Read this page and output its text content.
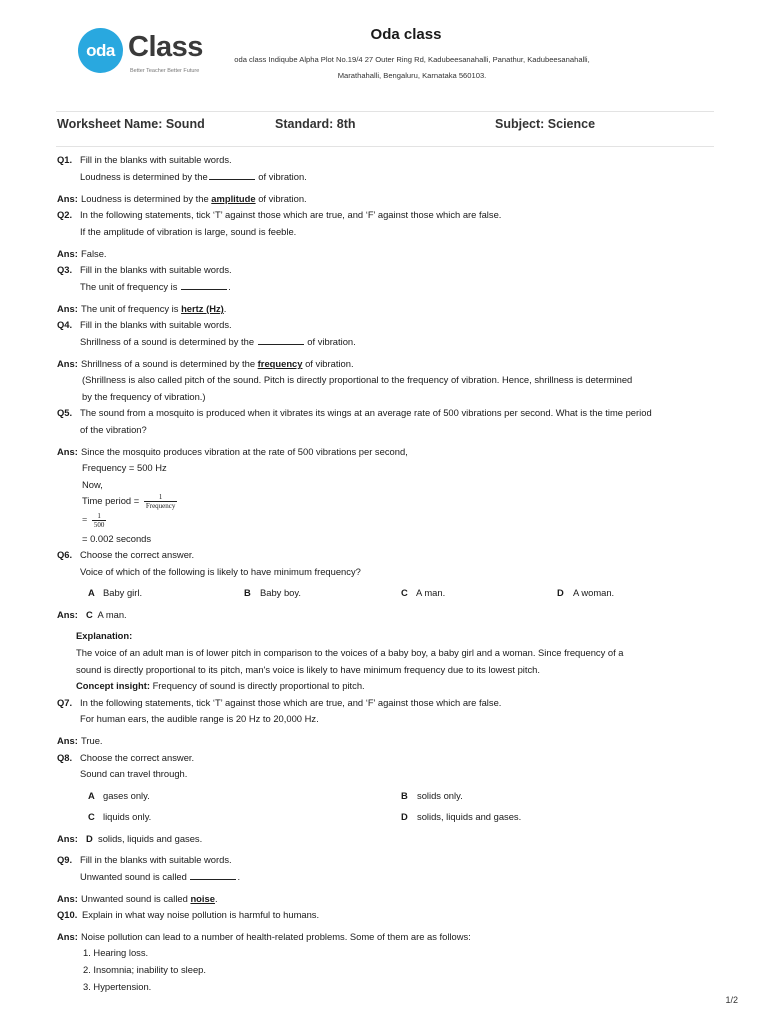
oda Class
Better Teacher Better Future
Oda class
oda class Indiqube Alpha Plot No.19/4 27 Outer Ring Rd, Kadubeesanahalli, Panathur, Kadubeesanahalli,
Marathahalli, Bengaluru, Karnataka 560103.
Worksheet Name: Sound	Standard: 8th	Subject: Science
Q1. Fill in the blanks with suitable words.
Loudness is determined by the	of vibration.
Ans: Loudness is determined by the amplitude of vibration.
Q2. In the following statements, tick ‘T’ against those which are true, and ‘F’ against those which are false.
If the amplitude of vibration is large, sound is feeble.
Ans: False.
Q3. Fill in the blanks with suitable words.
The unit of frequency is	.
Ans: The unit of frequency is hertz (Hz).
Q4. Fill in the blanks with suitable words.
Shrillness of a sound is determined by the	of vibration.
Ans: Shrillness of a sound is determined by the frequency of vibration.
(Shrillness is also called pitch of the sound. Pitch is directly proportional to the frequency of vibration. Hence, shrillness is determined
by the frequency of vibration.)
Q5. The sound from a mosquito is produced when it vibrates its wings at an average rate of 500 vibrations per second. What is the time period
of the vibration?
Ans: Since the mosquito produces vibration at the rate of 500 vibrations per second,
Frequency = 500 Hz
Now,
Time period = $\frac{1}{\text{Frequency}}$
= $\frac{1}{500}$
= 0.002 seconds
Q6. Choose the correct answer.
Voice of which of the following is likely to have minimum frequency?
A Baby girl.	B Baby boy.	C A man.	D A woman.
Ans: C A man.
Explanation:
The voice of an adult man is of lower pitch in comparison to the voices of a baby boy, a baby girl and a woman. Since frequency of a
sound is directly proportional to its pitch, man's voice is likely to have minimum frequency due to its lowest pitch.
Concept insight: Frequency of sound is directly proportional to pitch.
Q7. In the following statements, tick ‘T’ against those which are true, and ‘F’ against those which are false.
For human ears, the audible range is 20 Hz to 20,000 Hz.
Ans: True.
Q8. Choose the correct answer.
Sound can travel through.
A gases only.	B solids only.
C liquids only.	D solids, liquids and gases.
Ans: D solids, liquids and gases.
Q9. Fill in the blanks with suitable words.
Unwanted sound is called	.
Ans: Unwanted sound is called noise.
Q10. Explain in what way noise pollution is harmful to humans.
Ans: Noise pollution can lead to a number of health-related problems. Some of them are as follows:
1. Hearing loss.
2. Insomnia; inability to sleep.
3. Hypertension.
1/2
